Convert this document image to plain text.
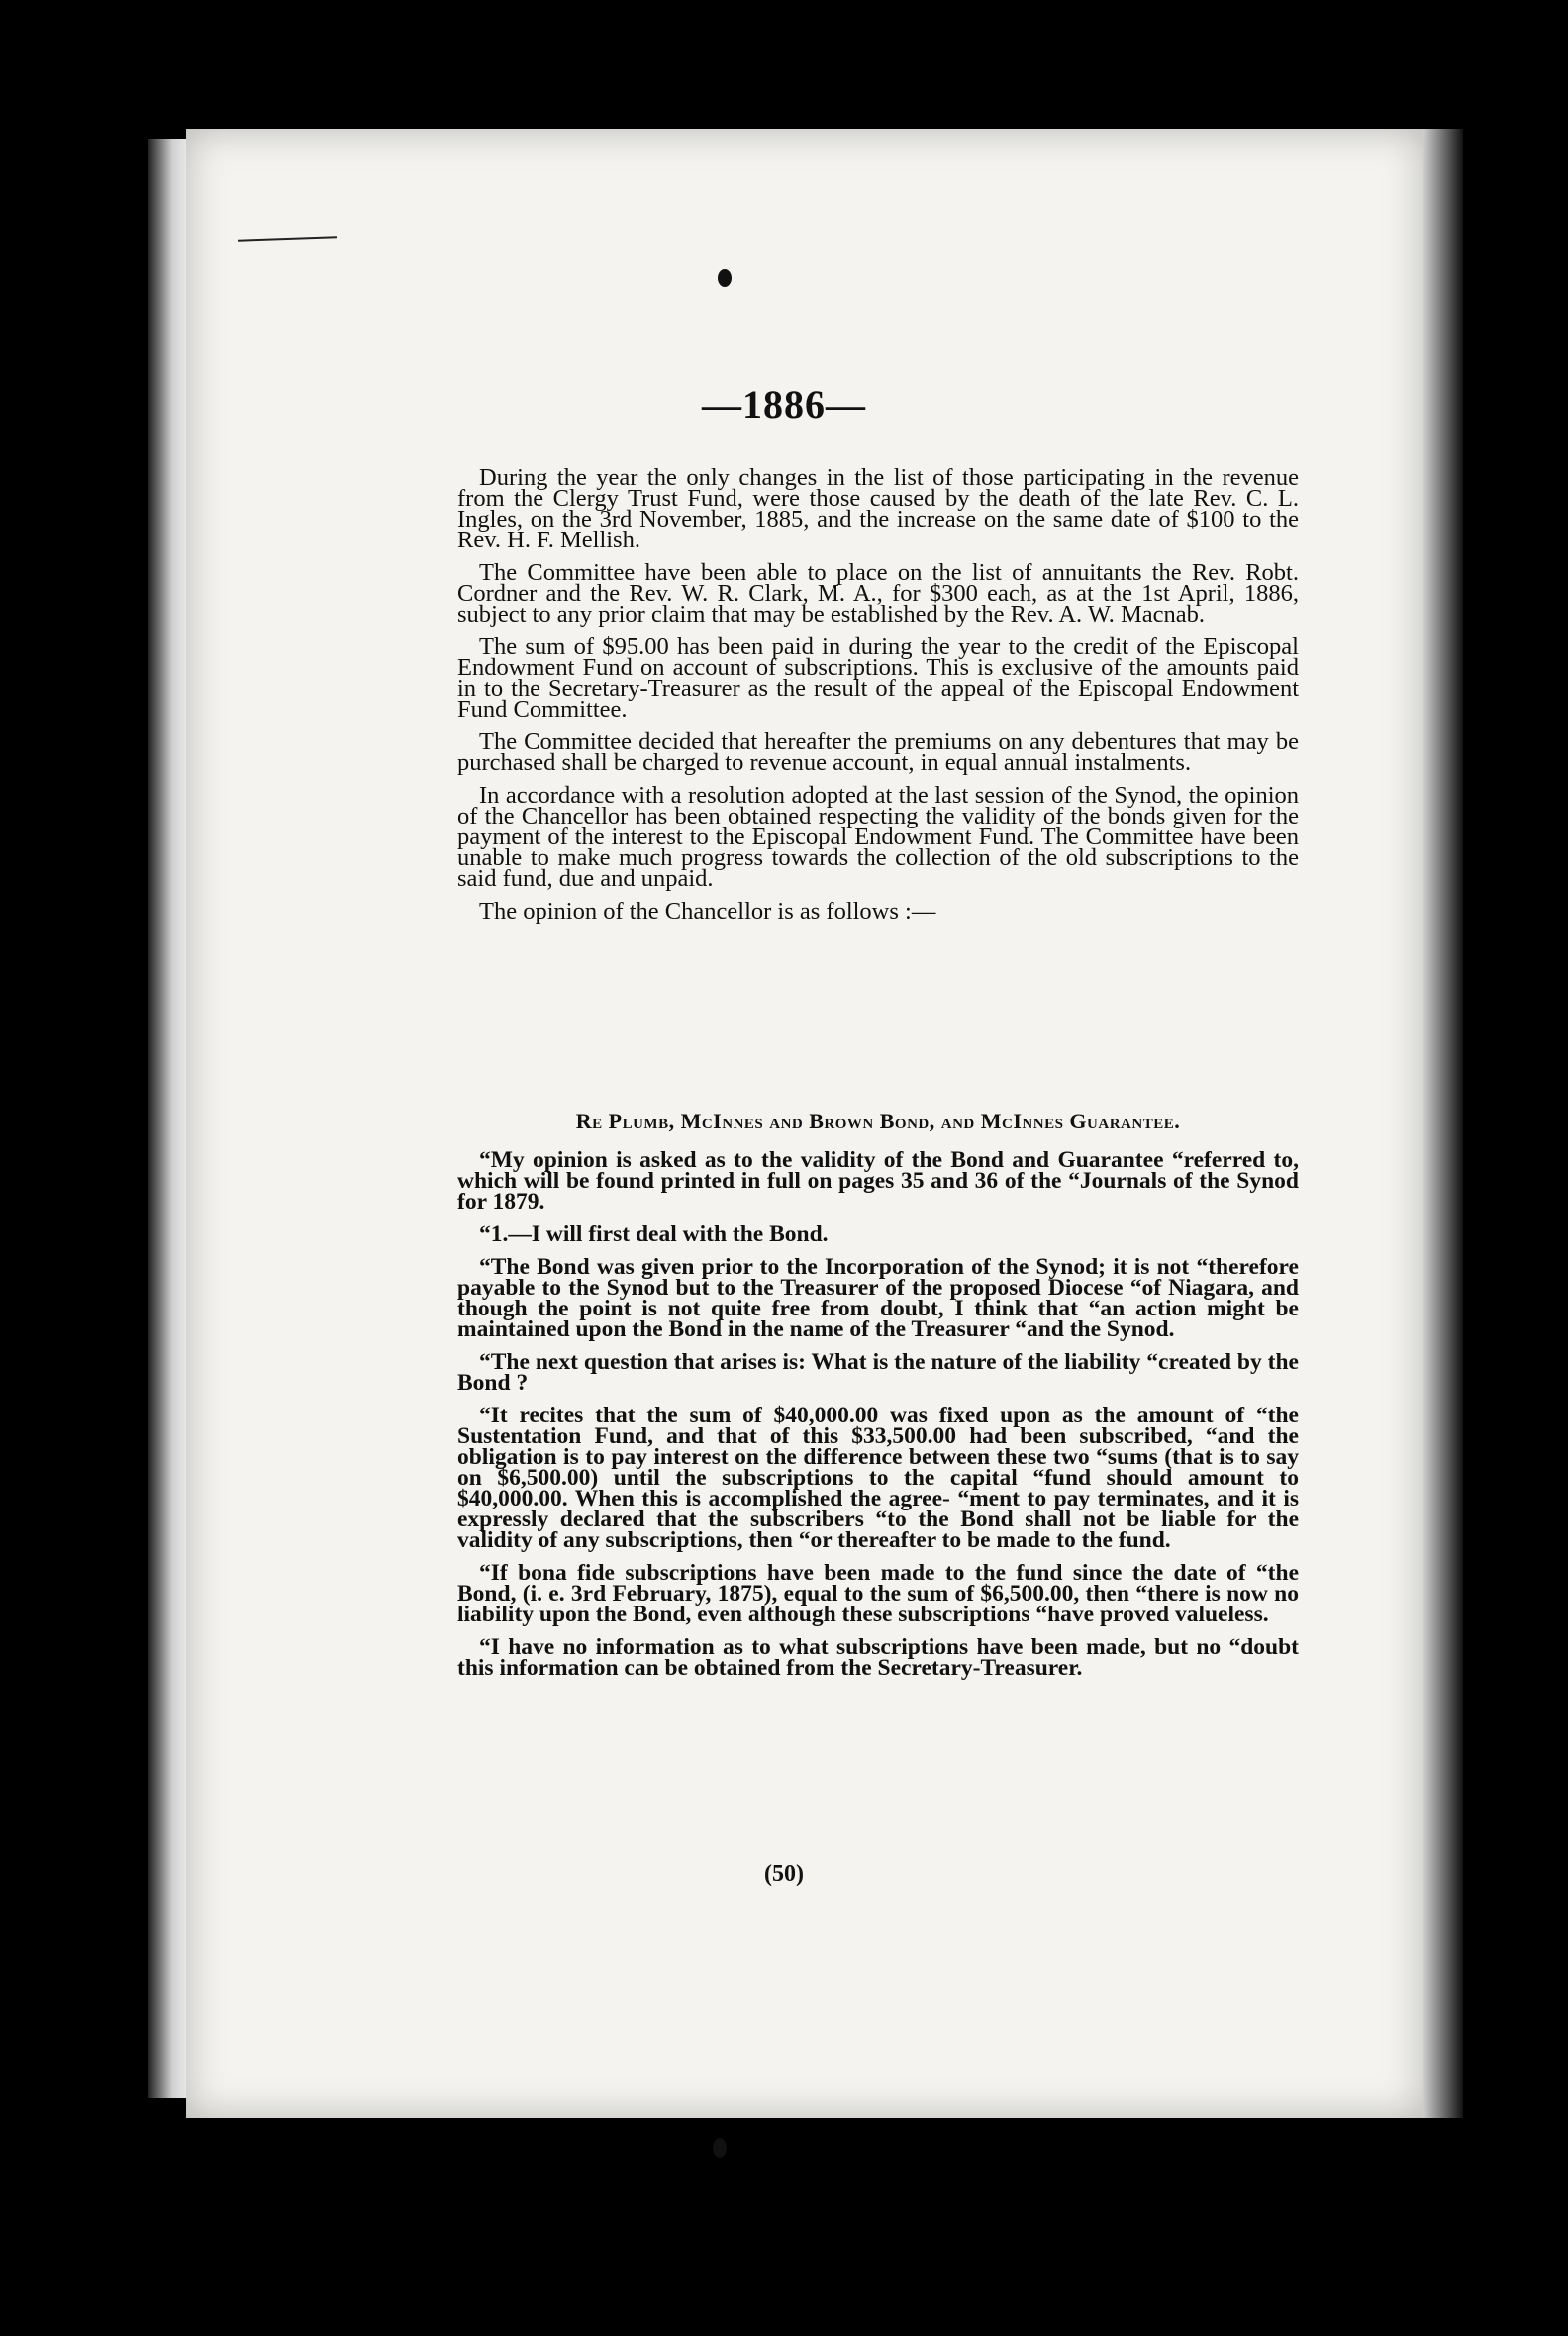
—1886—

During the year the only changes in the list of those participating in the revenue from the Clergy Trust Fund, were those caused by the death of the late Rev. C. L. Ingles, on the 3rd November, 1885, and the increase on the same date of $100 to the Rev. H. F. Mellish.

The Committee have been able to place on the list of annuitants the Rev. Robt. Cordner and the Rev. W. R. Clark, M. A., for $300 each, as at the 1st April, 1886, subject to any prior claim that may be established by the Rev. A. W. Macnab.

The sum of $95.00 has been paid in during the year to the credit of the Episcopal Endowment Fund on account of subscriptions. This is exclusive of the amounts paid in to the Secretary-Treasurer as the result of the appeal of the Episcopal Endowment Fund Committee.

The Committee decided that hereafter the premiums on any debentures that may be purchased shall be charged to revenue account, in equal annual instalments.

In accordance with a resolution adopted at the last session of the Synod, the opinion of the Chancellor has been obtained respecting the validity of the bonds given for the payment of the interest to the Episcopal Endowment Fund. The Committee have been unable to make much progress towards the collection of the old subscriptions to the said fund, due and unpaid.

The opinion of the Chancellor is as follows :—

Re Plumb, McInnes and Brown Bond, and McInnes Guarantee.

“My opinion is asked as to the validity of the Bond and Guarantee “referred to, which will be found printed in full on pages 35 and 36 of the “Journals of the Synod for 1879.

“1.—I will first deal with the Bond.

“The Bond was given prior to the Incorporation of the Synod; it is not “therefore payable to the Synod but to the Treasurer of the proposed Diocese “of Niagara, and though the point is not quite free from doubt, I think that “an action might be maintained upon the Bond in the name of the Treasurer “and the Synod.

“The next question that arises is: What is the nature of the liability “created by the Bond ?

“It recites that the sum of $40,000.00 was fixed upon as the amount of “the Sustentation Fund, and that of this $33,500.00 had been subscribed, “and the obligation is to pay interest on the difference between these two “sums (that is to say on $6,500.00) until the subscriptions to the capital “fund should amount to $40,000.00. When this is accomplished the agree- “ment to pay terminates, and it is expressly declared that the subscribers “to the Bond shall not be liable for the validity of any subscriptions, then “or thereafter to be made to the fund.

“If bona fide subscriptions have been made to the fund since the date of “the Bond, (i. e. 3rd February, 1875), equal to the sum of $6,500.00, then “there is now no liability upon the Bond, even although these subscriptions “have proved valueless.

“I have no information as to what subscriptions have been made, but no “doubt this information can be obtained from the Secretary-Treasurer.

(50)
